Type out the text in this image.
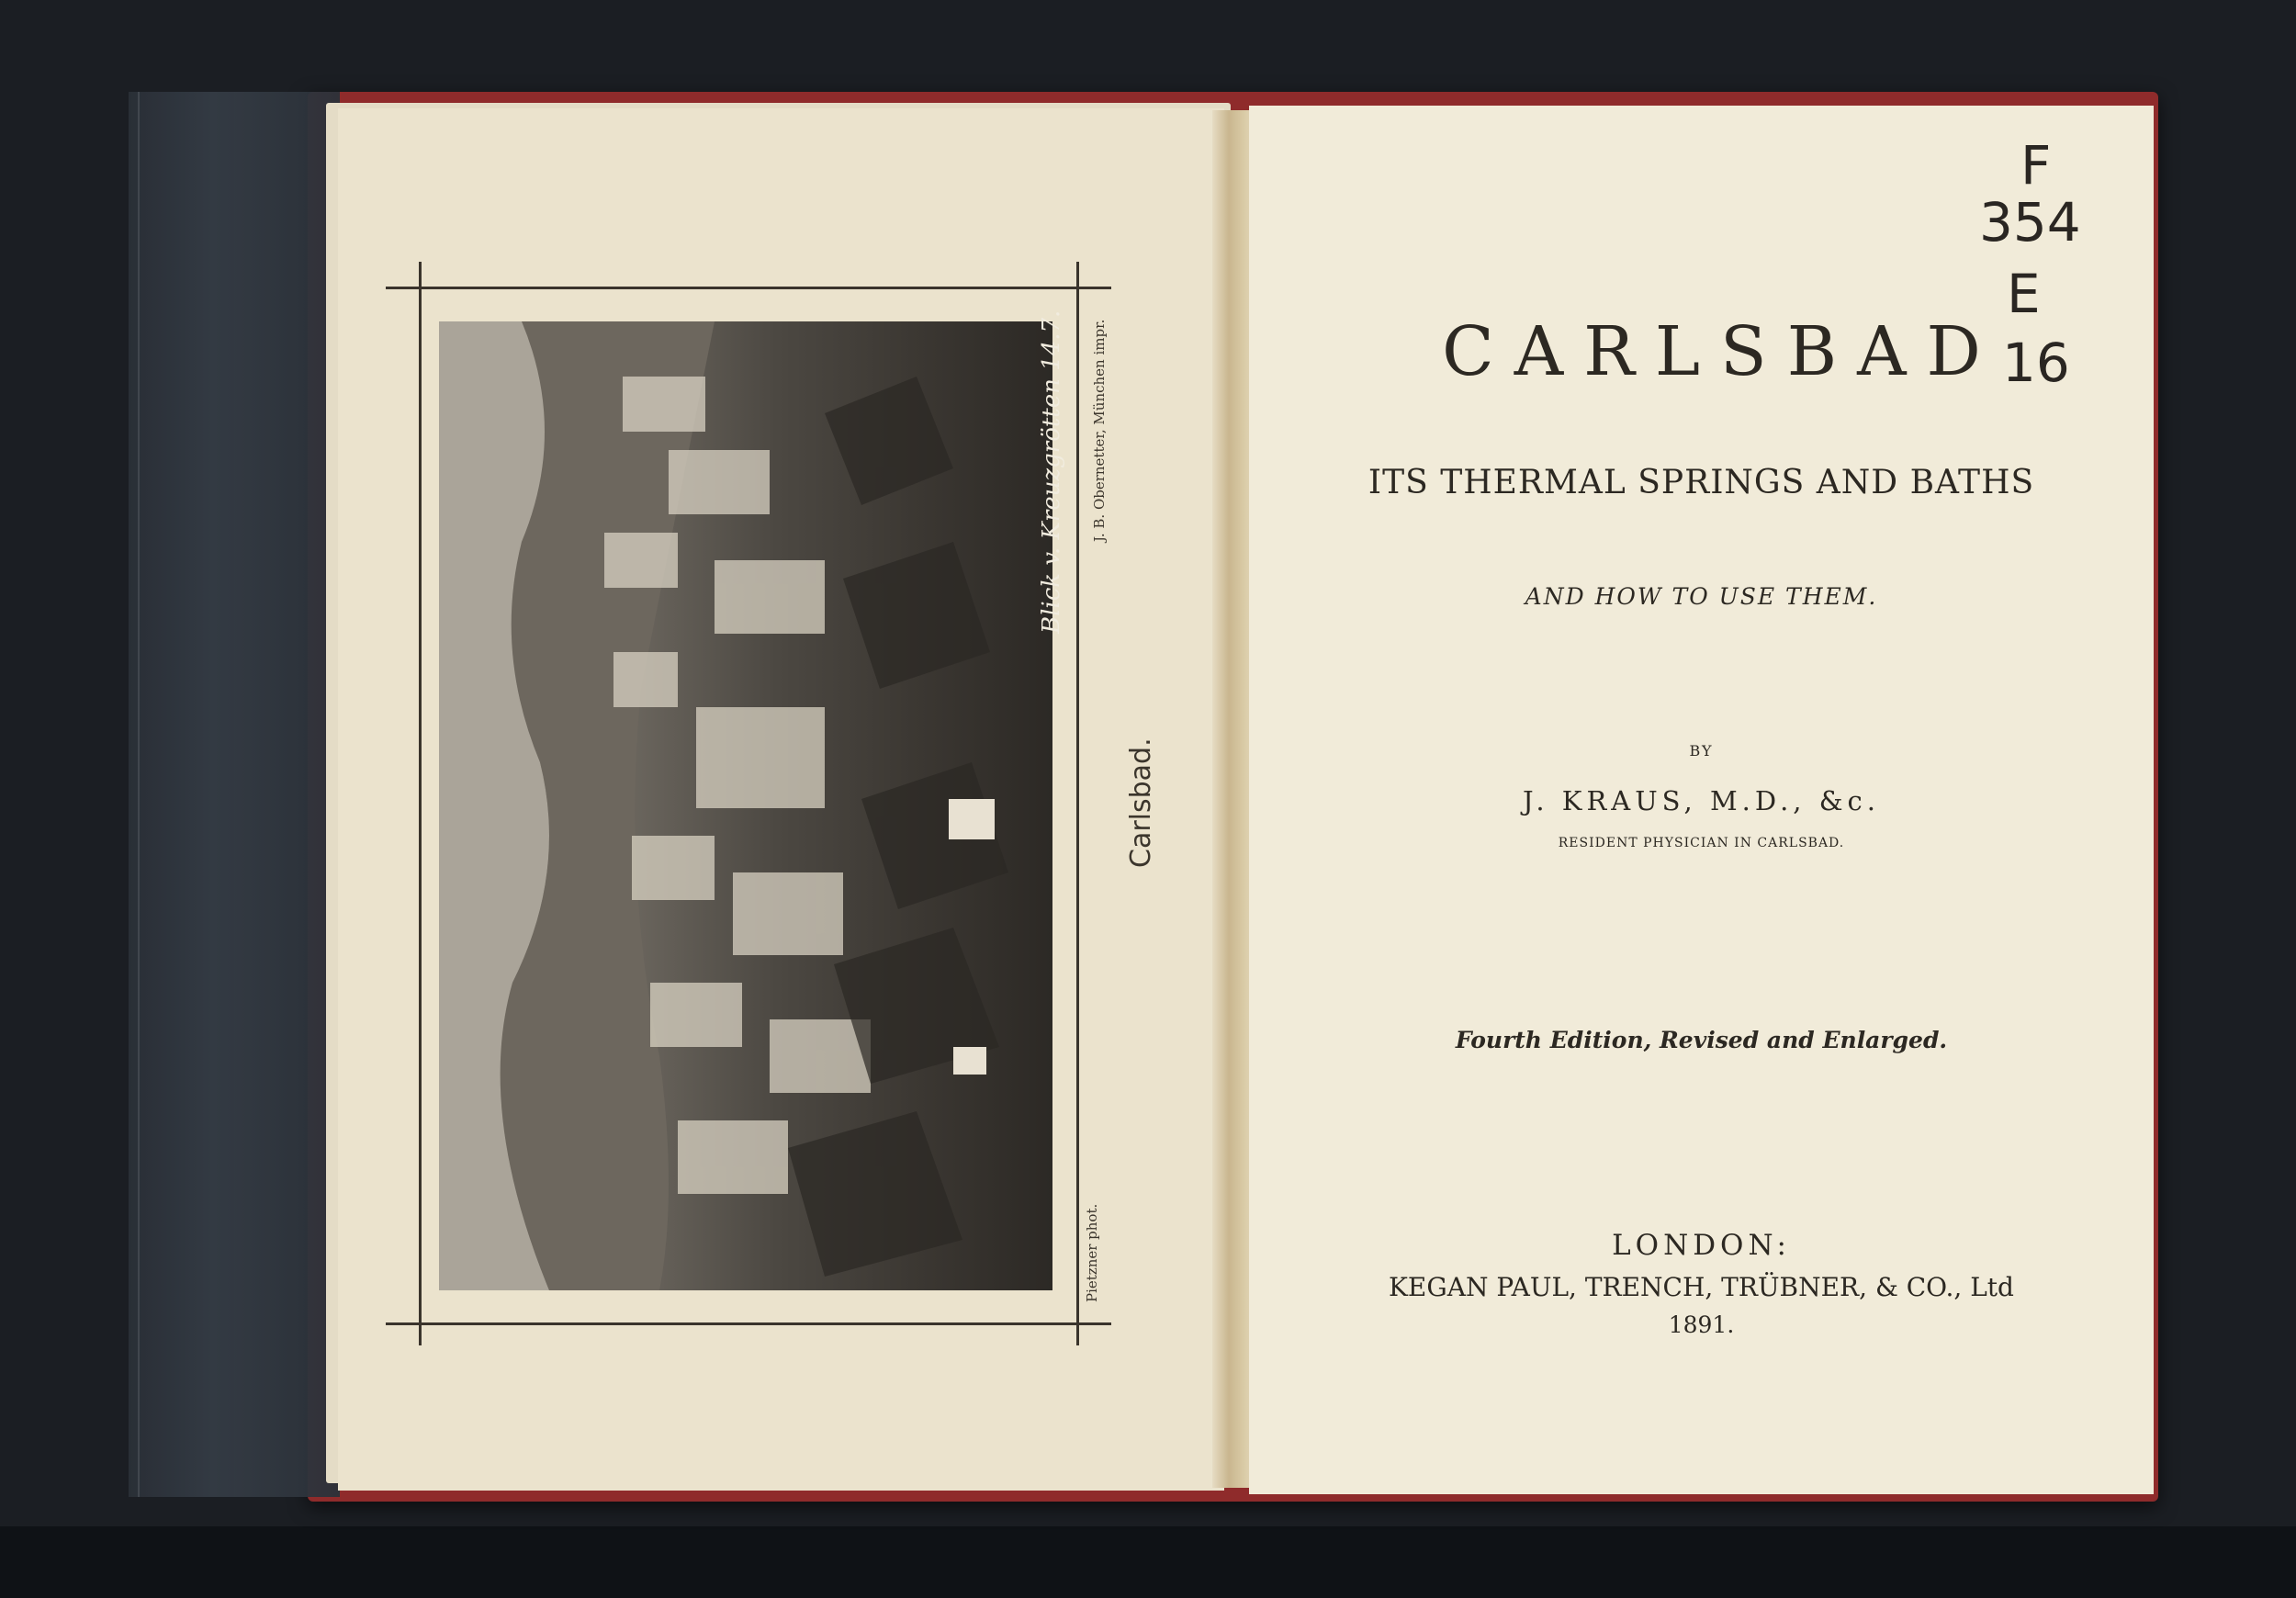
Blick v. Kreuzgrötten 14.7. J. B. Obernetter, München impr.
Pietzner phot.
Carlsbad.
F
354
E
16
CARLSBAD
ITS THERMAL SPRINGS AND BATHS
AND HOW TO USE THEM.
BY
J. KRAUS, M.D., &c.
RESIDENT PHYSICIAN IN CARLSBAD.
Fourth Edition, Revised and Enlarged.
LONDON:
KEGAN PAUL, TRENCH, TRÜBNER, & CO., Ltd
1891.
